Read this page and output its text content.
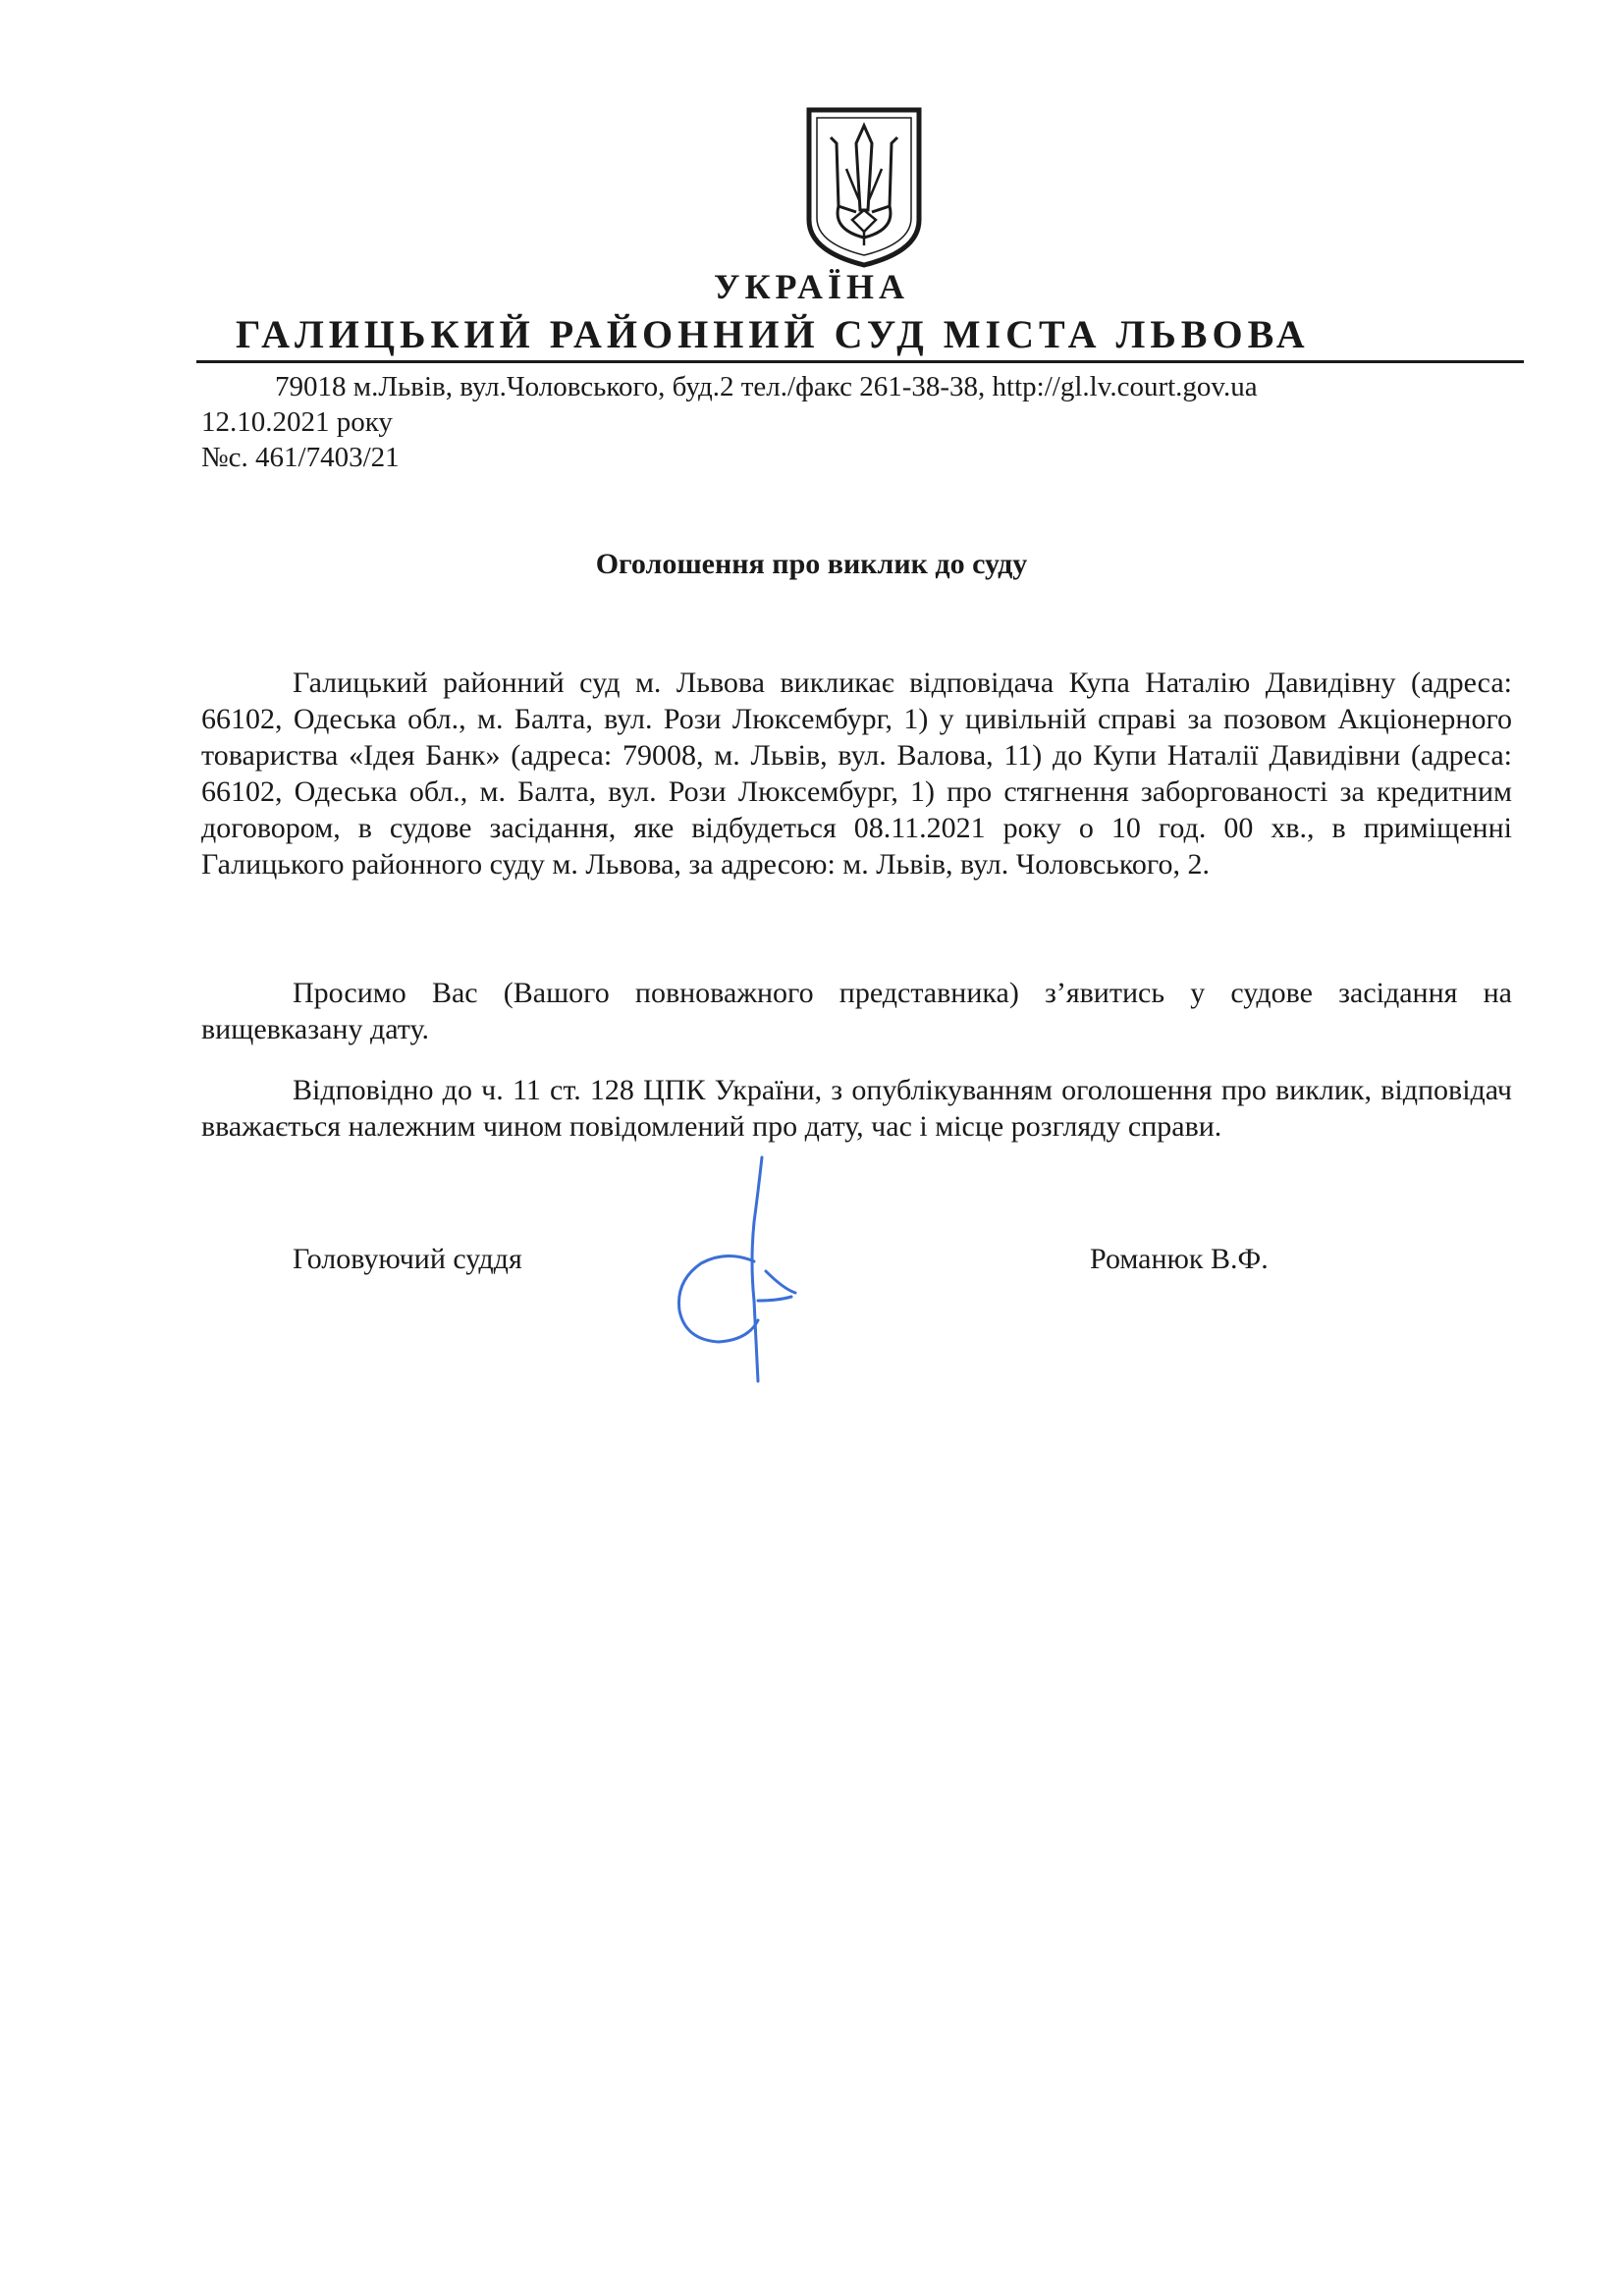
УКРАЇНА
ГАЛИЦЬКИЙ РАЙОННИЙ СУД МІСТА ЛЬВОВА
79018 м.Львів, вул.Чоловського, буд.2 тел./факс 261-38-38, http://gl.lv.court.gov.ua
12.10.2021 року
№с. 461/7403/21
Оголошення про виклик до суду

Галицький районний суд м. Львова викликає відповідача Купа Наталію Давидівну (адреса: 66102, Одеська обл., м. Балта, вул. Рози Люксембург, 1) у цивільній справі за позовом Акціонерного товариства «Ідея Банк» (адреса: 79008, м. Львів, вул. Валова, 11) до Купи Наталії Давидівни (адреса: 66102, Одеська обл., м. Балта, вул. Рози Люксембург, 1) про стягнення заборгованості за кредитним договором, в судове засідання, яке відбудеться 08.11.2021 року о 10 год. 00 хв., в приміщенні Галицького районного суду м. Львова, за адресою: м. Львів, вул. Чоловського, 2.

Просимо Вас (Вашого повноважного представника) з’явитись у судове засідання на вищевказану дату.

Відповідно до ч. 11 ст. 128 ЦПК України, з опублікуванням оголошення про виклик, відповідач вважається належним чином повідомлений про дату, час і місце розгляду справи.

Головуючий суддя	Романюк В.Ф.
